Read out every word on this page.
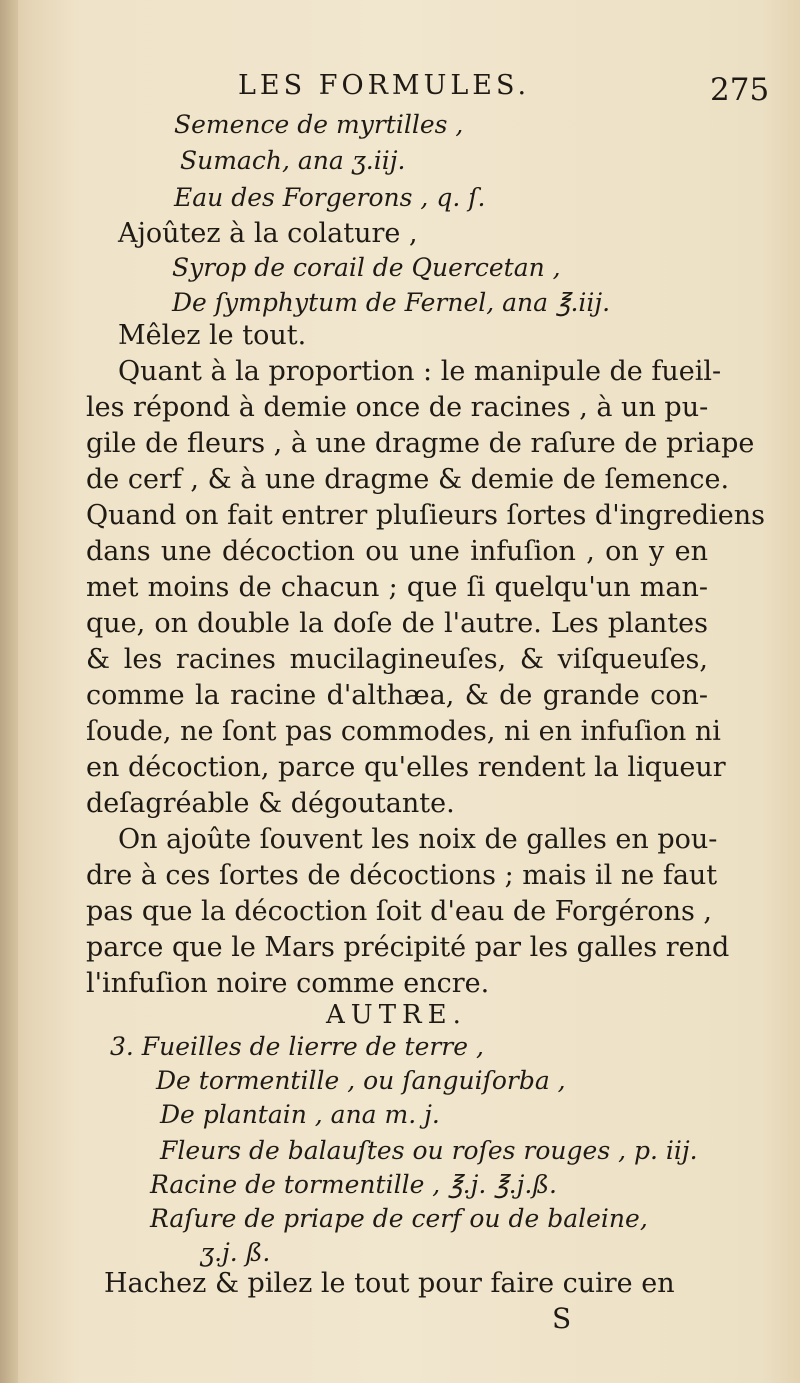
LES FORMULES.	275
Semence de myrtilles ,
Sumach, ana ʒ.iij.
Eau des Forgerons , q. ſ.
Ajoûtez à la colature ,
Syrop de corail de Quercetan ,
De ſymphytum de Fernel, ana ℥.iij.
Mêlez le tout.
Quant à la proportion : le manipule de fueil-
les répond à demie once de racines , à un pu-
gile de fleurs , à une dragme de raſure de priape
de cerf , & à une dragme & demie de ſemence.
Quand on fait entrer pluſieurs ſortes d'ingrediens
dans une décoction ou une infuſion , on y en
met moins de chacun ; que ſi quelqu'un man-
que, on double la doſe de l'autre. Les plantes
& les racines mucilagineuſes, & viſqueuſes,
comme la racine d'althæa, & de grande con-
ſoude, ne ſont pas commodes, ni en infuſion ni
en décoction, parce qu'elles rendent la liqueur
deſagréable & dégoutante.
On ajoûte ſouvent les noix de galles en pou-
dre à ces ſortes de décoctions ; mais il ne faut
pas que la décoction ſoit d'eau de Forgérons ,
parce que le Mars précipité par les galles rend
l'infuſion noire comme encre.
AUTRE.
3. Fueilles de lierre de terre ,
De tormentille , ou ſanguiſorba ,
De plantain , ana m. j.
Fleurs de balauſtes ou roſes rouges , p. iij.
Racine de tormentille , ℥.j. ℥.j.ß.
Raſure de priape de cerf ou de baleine,
ʒ.j. ß.
Hachez & pilez le tout pour faire cuire en
S
